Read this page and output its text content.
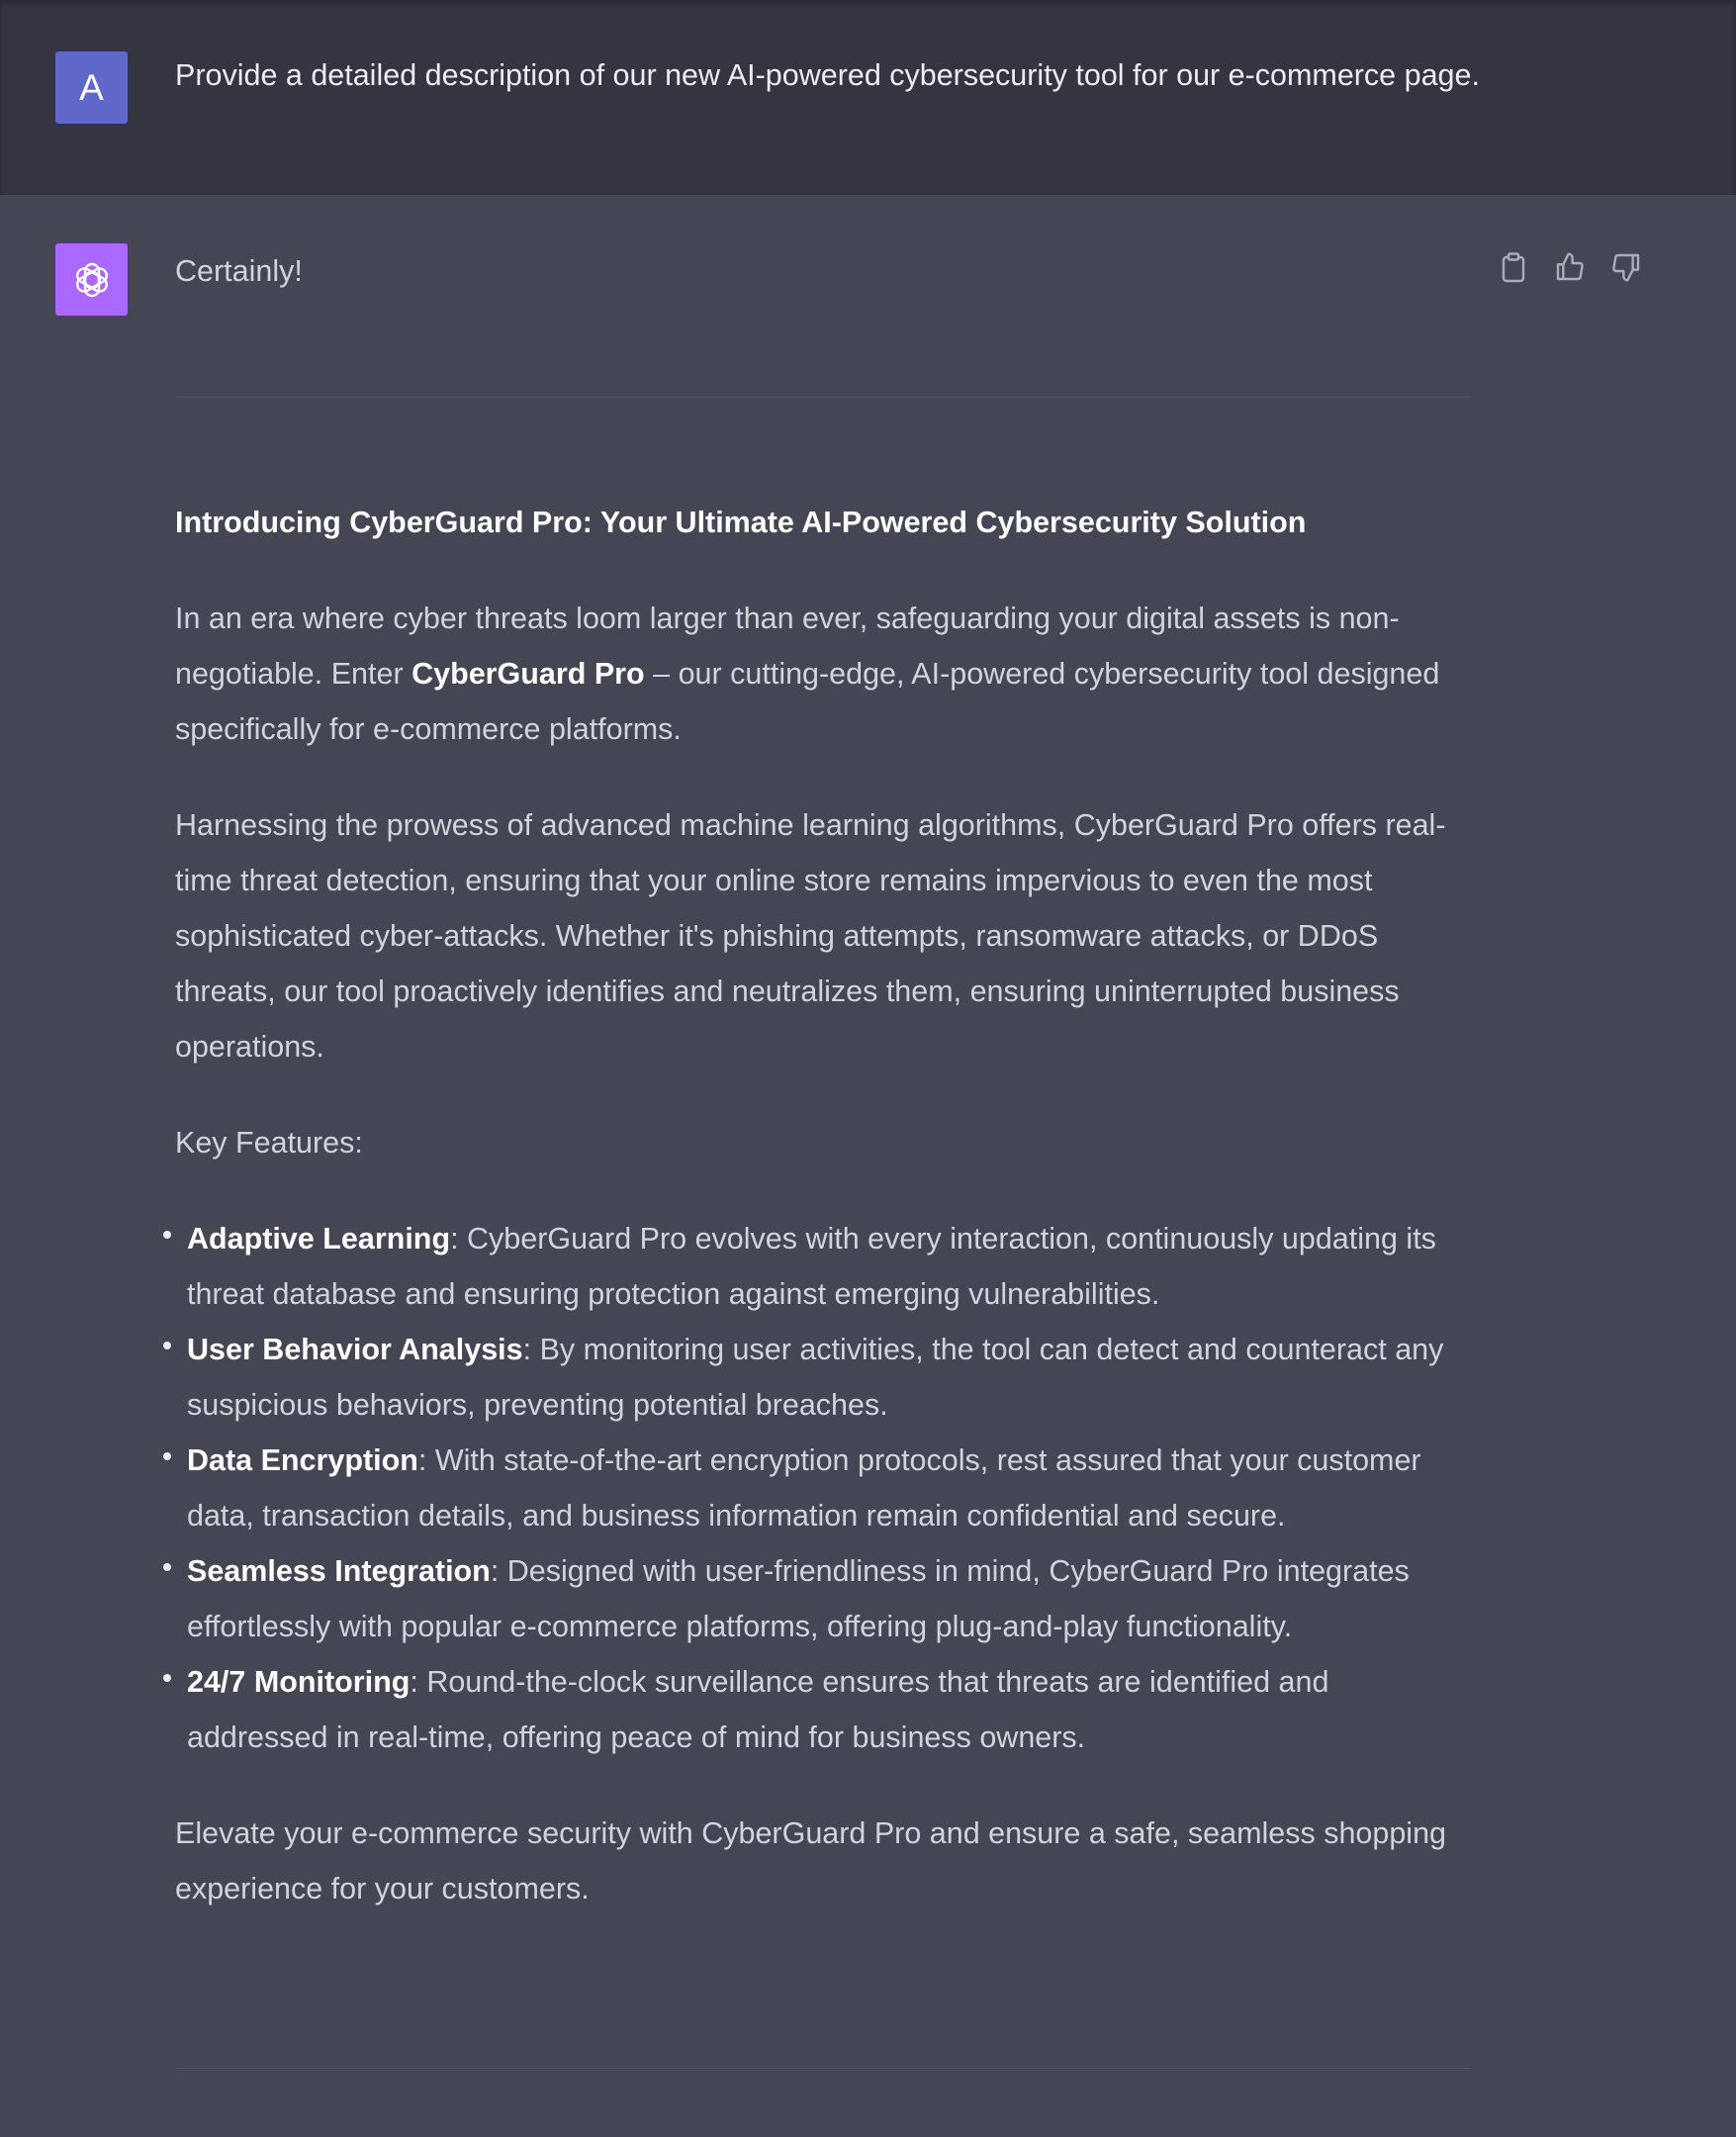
A Provide a detailed description of our new AI-powered cybersecurity tool for our e-commerce page.
Certainly!

Introducing CyberGuard Pro: Your Ultimate AI-Powered Cybersecurity Solution

In an era where cyber threats loom larger than ever, safeguarding your digital assets is non-negotiable. Enter CyberGuard Pro – our cutting-edge, AI-powered cybersecurity tool designed specifically for e-commerce platforms.

Harnessing the prowess of advanced machine learning algorithms, CyberGuard Pro offers real-time threat detection, ensuring that your online store remains impervious to even the most sophisticated cyber-attacks. Whether it's phishing attempts, ransomware attacks, or DDoS threats, our tool proactively identifies and neutralizes them, ensuring uninterrupted business operations.

Key Features:

Adaptive Learning: CyberGuard Pro evolves with every interaction, continuously updating its threat database and ensuring protection against emerging vulnerabilities.
User Behavior Analysis: By monitoring user activities, the tool can detect and counteract any suspicious behaviors, preventing potential breaches.
Data Encryption: With state-of-the-art encryption protocols, rest assured that your customer data, transaction details, and business information remain confidential and secure.
Seamless Integration: Designed with user-friendliness in mind, CyberGuard Pro integrates effortlessly with popular e-commerce platforms, offering plug-and-play functionality.
24/7 Monitoring: Round-the-clock surveillance ensures that threats are identified and addressed in real-time, offering peace of mind for business owners.

Elevate your e-commerce security with CyberGuard Pro and ensure a safe, seamless shopping experience for your customers.
